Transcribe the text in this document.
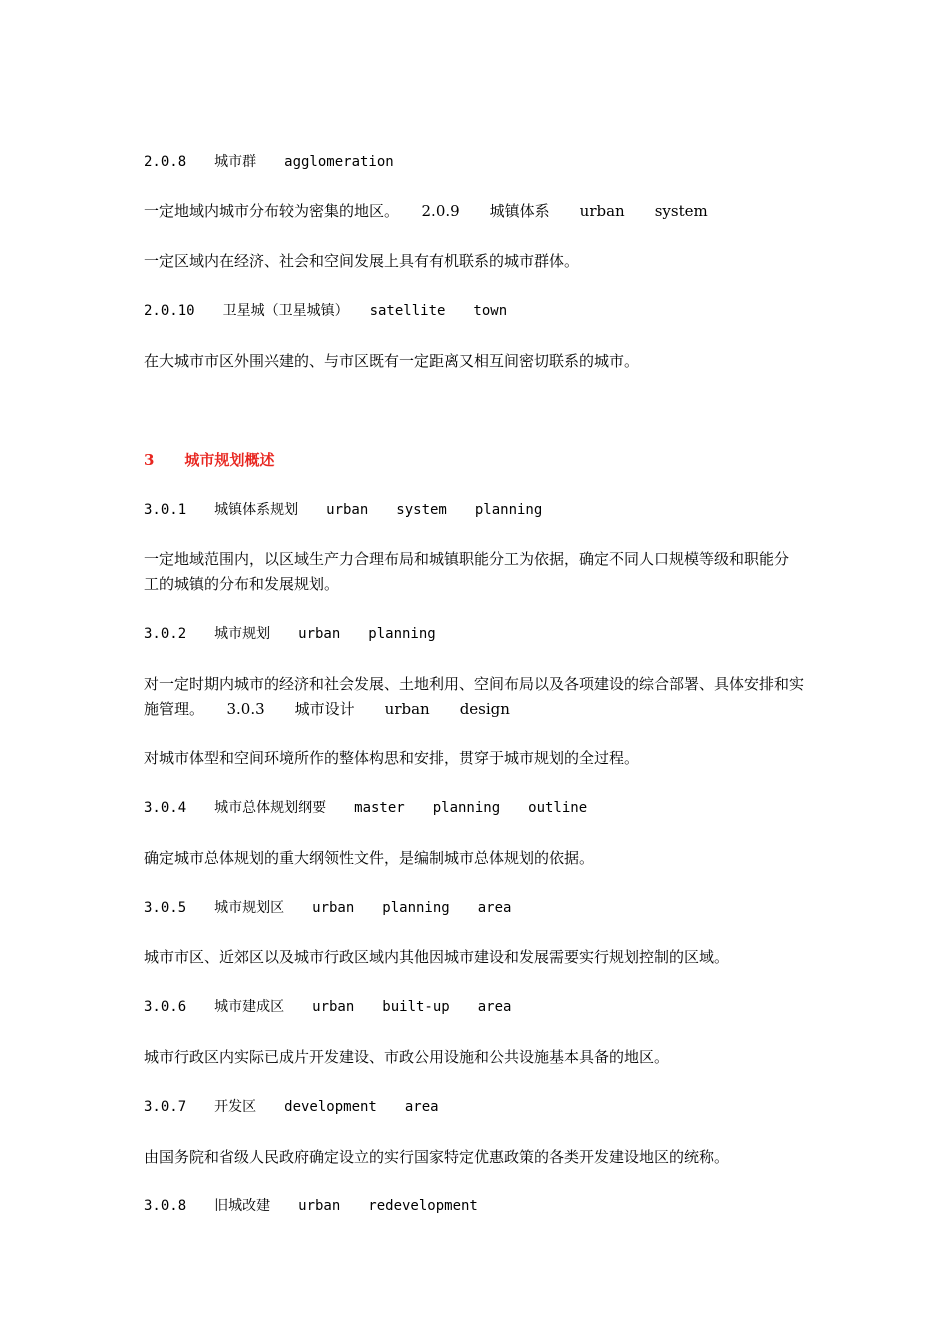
2.0.8　　城市群　　agglomeration
一定地域内城市分布较为密集的地区。　　2.0.9　　城镇体系　　urban　　system
一定区域内在经济、社会和空间发展上具有有机联系的城市群体。
2.0.10　　卫星城（卫星城镇）　　satellite　　town
在大城市市区外围兴建的、与市区既有一定距离又相互间密切联系的城市。
3　　城市规划概述
3.0.1　　城镇体系规划　　urban　　system　　planning
一定地域范围内，以区域生产力合理布局和城镇职能分工为依据，确定不同人口规模等级和职能分
工的城镇的分布和发展规划。
3.0.2　　城市规划　　urban　　planning
对一定时期内城市的经济和社会发展、土地利用、空间布局以及各项建设的综合部署、具体安排和实
施管理。　　3.0.3　　城市设计　　urban　　design
对城市体型和空间环境所作的整体构思和安排，贯穿于城市规划的全过程。
3.0.4　　城市总体规划纲要　　master　　planning　　outline
确定城市总体规划的重大纲领性文件，是编制城市总体规划的依据。
3.0.5　　城市规划区　　urban　　planning　　area
城市市区、近郊区以及城市行政区域内其他因城市建设和发展需要实行规划控制的区域。
3.0.6　　城市建成区　　urban　　built-up　　area
城市行政区内实际已成片开发建设、市政公用设施和公共设施基本具备的地区。
3.0.7　　开发区　　development　　area
由国务院和省级人民政府确定设立的实行国家特定优惠政策的各类开发建设地区的统称。
3.0.8　　旧城改建　　urban　　redevelopment
